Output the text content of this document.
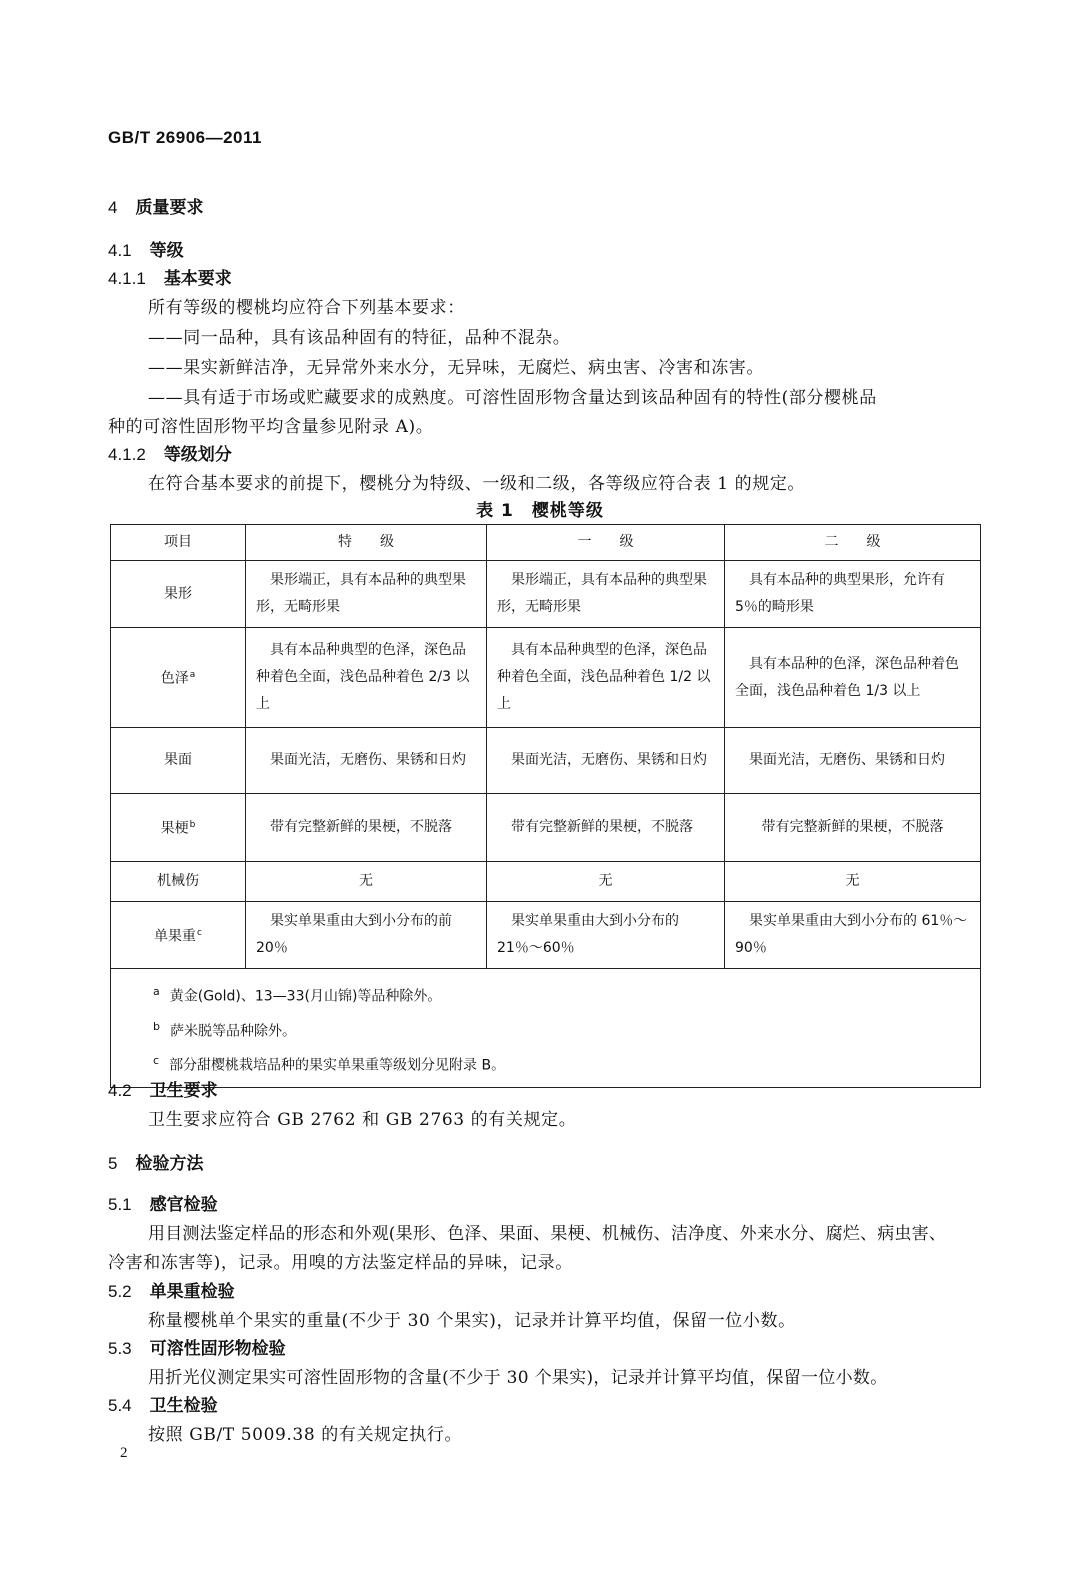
GB/T 26906—2011
4 质量要求
4.1 等级
4.1.1 基本要求
所有等级的樱桃均应符合下列基本要求：
——同一品种，具有该品种固有的特征，品种不混杂。
——果实新鲜洁净，无异常外来水分，无异味，无腐烂、病虫害、冷害和冻害。
——具有适于市场或贮藏要求的成熟度。可溶性固形物含量达到该品种固有的特性(部分樱桃品
种的可溶性固形物平均含量参见附录 A)。
4.1.2 等级划分
在符合基本要求的前提下，樱桃分为特级、一级和二级，各等级应符合表 1 的规定。
表 1　樱桃等级
项目	特　　级	一　　级	二　　级
果形	果形端正，具有本品种的典型果形，无畸形果	果形端正，具有本品种的典型果形，无畸形果	具有本品种的典型果形，允许有 5％的畸形果
色泽$^a$	具有本品种典型的色泽，深色品种着色全面，浅色品种着色 2/3 以上	具有本品种典型的色泽，深色品种着色全面，浅色品种着色 1/2 以上	具有本品种的色泽，深色品种着色全面，浅色品种着色 1/3 以上
果面	果面光洁，无磨伤、果锈和日灼	果面光洁，无磨伤、果锈和日灼	果面光洁，无磨伤、果锈和日灼
果梗$^b$	带有完整新鲜的果梗，不脱落	带有完整新鲜的果梗，不脱落	带有完整新鲜的果梗，不脱落
机械伤	无	无	无
单果重$^c$	果实单果重由大到小分布的前 20％	果实单果重由大到小分布的 21％～60％	果实单果重由大到小分布的 61％～90％

$^a$ 黄金(Gold)、13—33(月山锦)等品种除外。
$^b$ 萨米脱等品种除外。
$^c$ 部分甜樱桃栽培品种的果实单果重等级划分见附录 B。			
4.2 卫生要求
卫生要求应符合 GB 2762 和 GB 2763 的有关规定。
5 检验方法
5.1 感官检验
用目测法鉴定样品的形态和外观(果形、色泽、果面、果梗、机械伤、洁净度、外来水分、腐烂、病虫害、
冷害和冻害等)，记录。用嗅的方法鉴定样品的异味，记录。
5.2 单果重检验
称量樱桃单个果实的重量(不少于 30 个果实)，记录并计算平均值，保留一位小数。
5.3 可溶性固形物检验
用折光仪测定果实可溶性固形物的含量(不少于 30 个果实)，记录并计算平均值，保留一位小数。
5.4 卫生检验
按照 GB/T 5009.38 的有关规定执行。
2
